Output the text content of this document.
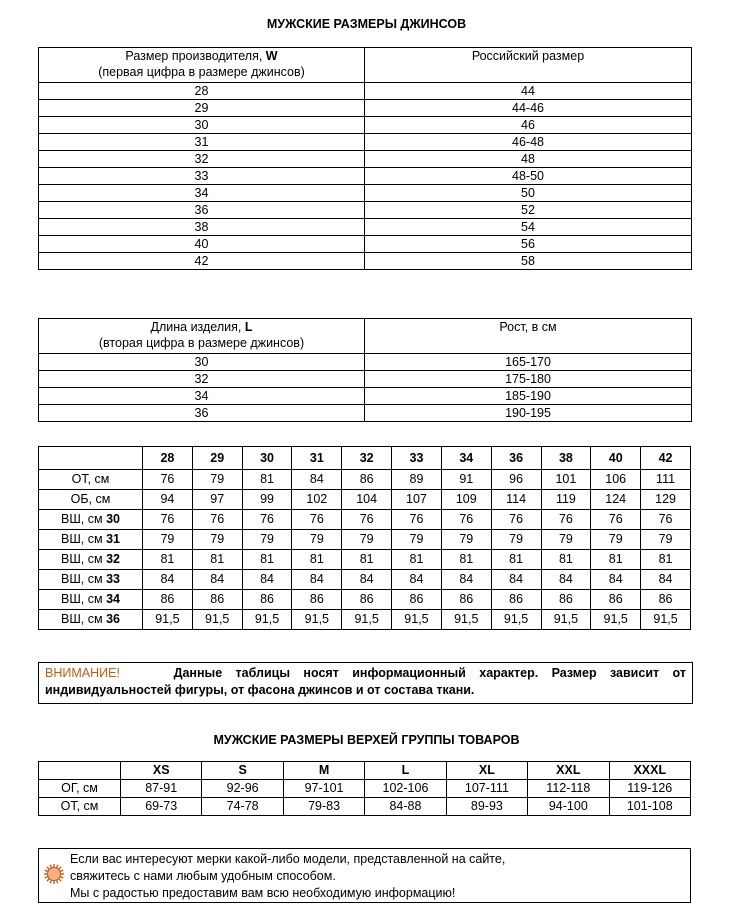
МУЖСКИЕ РАЗМЕРЫ ДЖИНСОВ
Размер производителя, W
(первая цифра в размере джинсов)	Российский размер
28	44
29	44-46
30	46
31	46-48
32	48
33	48-50
34	50
36	52
38	54
40	56
42	58
Длина изделия, L
(вторая цифра в размере джинсов)	Рост, в см
30	165-170
32	175-180
34	185-190
36	190-195
	28	29	30	31	32	33	34	36	38	40	42
ОТ, см	76	79	81	84	86	89	91	96	101	106	111
ОБ, см	94	97	99	102	104	107	109	114	119	124	129
ВШ, см 30	76	76	76	76	76	76	76	76	76	76	76
ВШ, см 31	79	79	79	79	79	79	79	79	79	79	79
ВШ, см 32	81	81	81	81	81	81	81	81	81	81	81
ВШ, см 33	84	84	84	84	84	84	84	84	84	84	84
ВШ, см 34	86	86	86	86	86	86	86	86	86	86	86
ВШ, см 36	91,5	91,5	91,5	91,5	91,5	91,5	91,5	91,5	91,5	91,5	91,5
ВНИМАНИЕ!	Данные таблицы носят информационный характер. Размер зависит от индивидуальностей фигуры, от фасона джинсов и от состава ткани.
МУЖСКИЕ РАЗМЕРЫ ВЕРХЕЙ ГРУППЫ ТОВАРОВ
	XS	S	M	L	XL	XXL	XXXL
ОГ, см	87-91	92-96	97-101	102-106	107-111	112-118	119-126
ОТ, см	69-73	74-78	79-83	84-88	89-93	94-100	101-108
Если вас интересуют мерки какой-либо модели, представленной на сайте,
свяжитесь с нами любым удобным способом.
Мы с радостью предоставим вам всю необходимую информацию!
